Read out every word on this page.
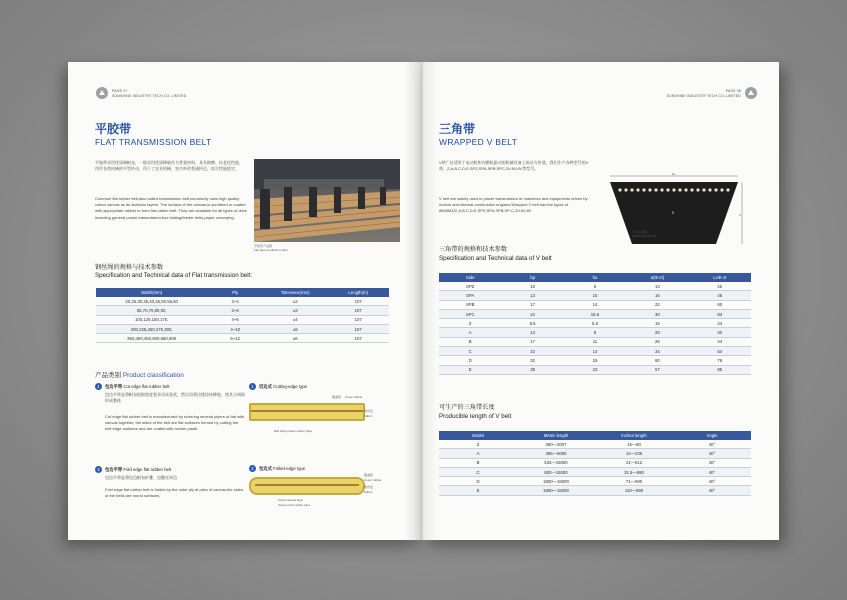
PAGE 07
SUNSHINE INDUSTRY TECH CO.,LIMITED
平胶带
FLAT TRANSMISSION BELT
平胶带采用优质棉帆布，一般采用优质橡胶作为骨架材料，具有耐磨、抗老化性能，用作各类机械的平型传动，用于工农业机械，室内外的普通传送，综合性能稳定。
Common flat rubber belt,also called transmission belt,commonly uses high quality cotton canvas as its skeleton layers. The surface of the canvas is scrubbed or coated with appropriate rubber to form flat rubber belt. They are available for all types of drive including general power transmission,box folding/feeder belts,paper conveying.
平胶带产品图
Flat tape production plant
钢丝绳的规格与技术参数
Specification and Technical data of Flat transmission belt:
Width(mm)	Ply	Tolerance(mm)	Length(m)
20,25,30,35,40,45,50,55,60	3~4	±2	107
65,70,75,80,90,	3~6	±3	107
100,125,150,175,	4~6	±4	107
200,225,250,275,300,	4~10	±5	107
350,400,450,500,550,600	6~12	±6	107
产品类别 Product classification
1	包边平带 Cut edge flat rubber belt
包边平带是将帆布根据宽度要求切成条状，然后再将边缘涂抹橡胶，使其与周围形成整体
Cut edge flat rubber belt is manufactured by schering several plyers of fab with canvas together, the sides of the belt are flat surfaces formed by cutting the belt edge surfaces and are coated with rubber paste.
2	包边平带 Fold edge flat rubber belt
包边平带是将包边帆布折叠，包覆在周边
Fold edge flat rubber belt is folded by the outer ply at piles of canvas,the sides of the belts are round surfaces.
1	切边式 Cutting-edge type
覆盖胶 Cover rubber
帆布层
Fabric
Belt side protect rubber plies
2	包边式 Folled-edge type
覆盖胶
Cover rubber
帆布层
Fabric
Close canvas layer
Close touch rubber plies
PAGE 08
SUNSHINE INDUSTRY TECH CO.,LIMITED
三角带
WRAPPED V BELT
V带广泛适用于电动机和内燃机驱动的机械设备上的动力传递，我们生产各种型号的V带，Z,A,B,C,D,E,SPZ,SPA,SPB,SPC,3V,5V,8V等型号。
V belt are widely used in power transmission of machines and equipments driven by motors and internal-combustion engines.Wrapped V belt has the types of 8M/8MZ/Z,A,B,C,D,E,SPZ,SPA,SPB,SP-C,3V,5V,8V
bo
E	h
产品示意图
Product schematic
三角带的规格和技术参数
Specification and Technical data of V belt
Side	bp	ho	α(Ф=0)	L≥Φ=0
SPZ	10	8	13	26
SPA	13	10	16	45
SPB	17	14	22	60
SPC	22	18.5	30	83
Z	8.5	5.5	16	24
A	13	8	20	30
B	17	11	26	44
C	22	14	34	54
D	32	19	60	76
E	38	23	57	85
可生产的三角带长度
Producible length of V belt
Model	Metric length	Inches length	Angle
Z	360—2007	15—80	40°
A	356—6000	14—236	40°
B	533—15000	21—512	40°
C	800—15000	31.5—590	40°
D	1800—15000	71—590	40°
E	1800—15000	110—590	40°
